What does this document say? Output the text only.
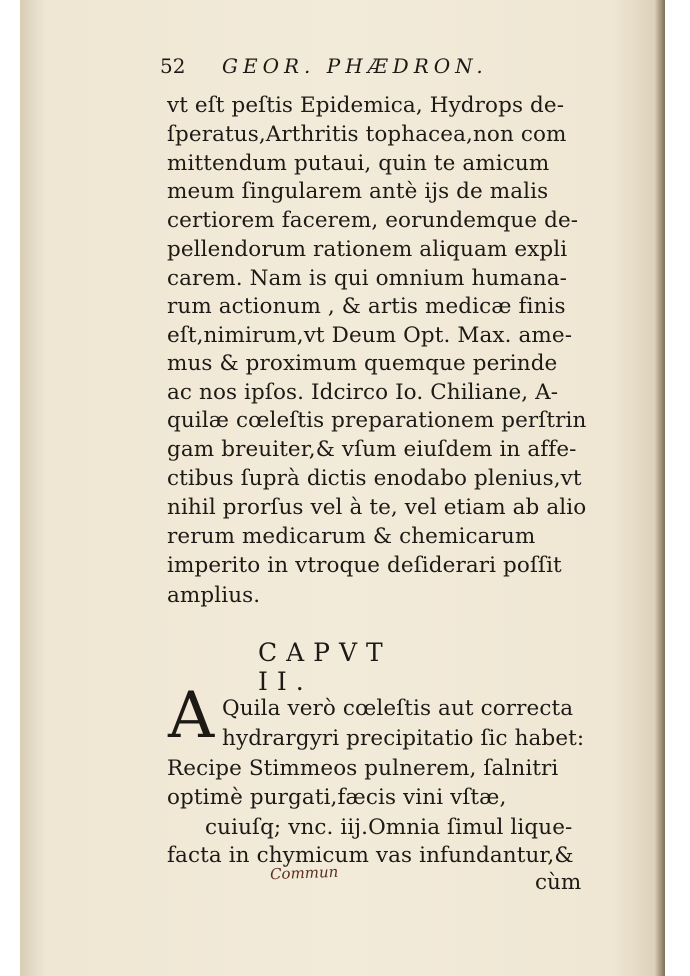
52 GEOR. PHÆDRON.
vt eſt peſtis Epidemica, Hydrops de-
ſperatus,Arthritis tophacea,non com
mittendum putaui, quin te amicum
meum ſingularem antè ijs de malis
certiorem facerem, eorundemque de-
pellendorum rationem aliquam expli
carem. Nam is qui omnium humana-
rum actionum , & artis medicæ finis
eſt,nimirum,vt Deum Opt. Max. ame-
mus & proximum quemque perinde
ac nos ipſos. Idcirco Io. Chiliane, A-
quilæ cœleſtis preparationem perſtrin
gam breuiter,& vſum eiuſdem in affe-
ctibus ſuprà dictis enodabo plenius,vt
nihil prorſus vel à te, vel etiam ab alio
rerum medicarum & chemicarum
imperito in vtroque deſiderari poſſit
amplius.
CAPVT II.
A Quila verò cœleſtis aut correcta
hydrargyri precipitatio ſic habet:
Recipe Stimmeos pulnerem, ſalnitri
optimè purgati,fæcis vini vſtæ,
cuiuſq; vnc. iij.Omnia ſimul lique-
facta in chymicum vas infundantur,&
Commun	cùm
